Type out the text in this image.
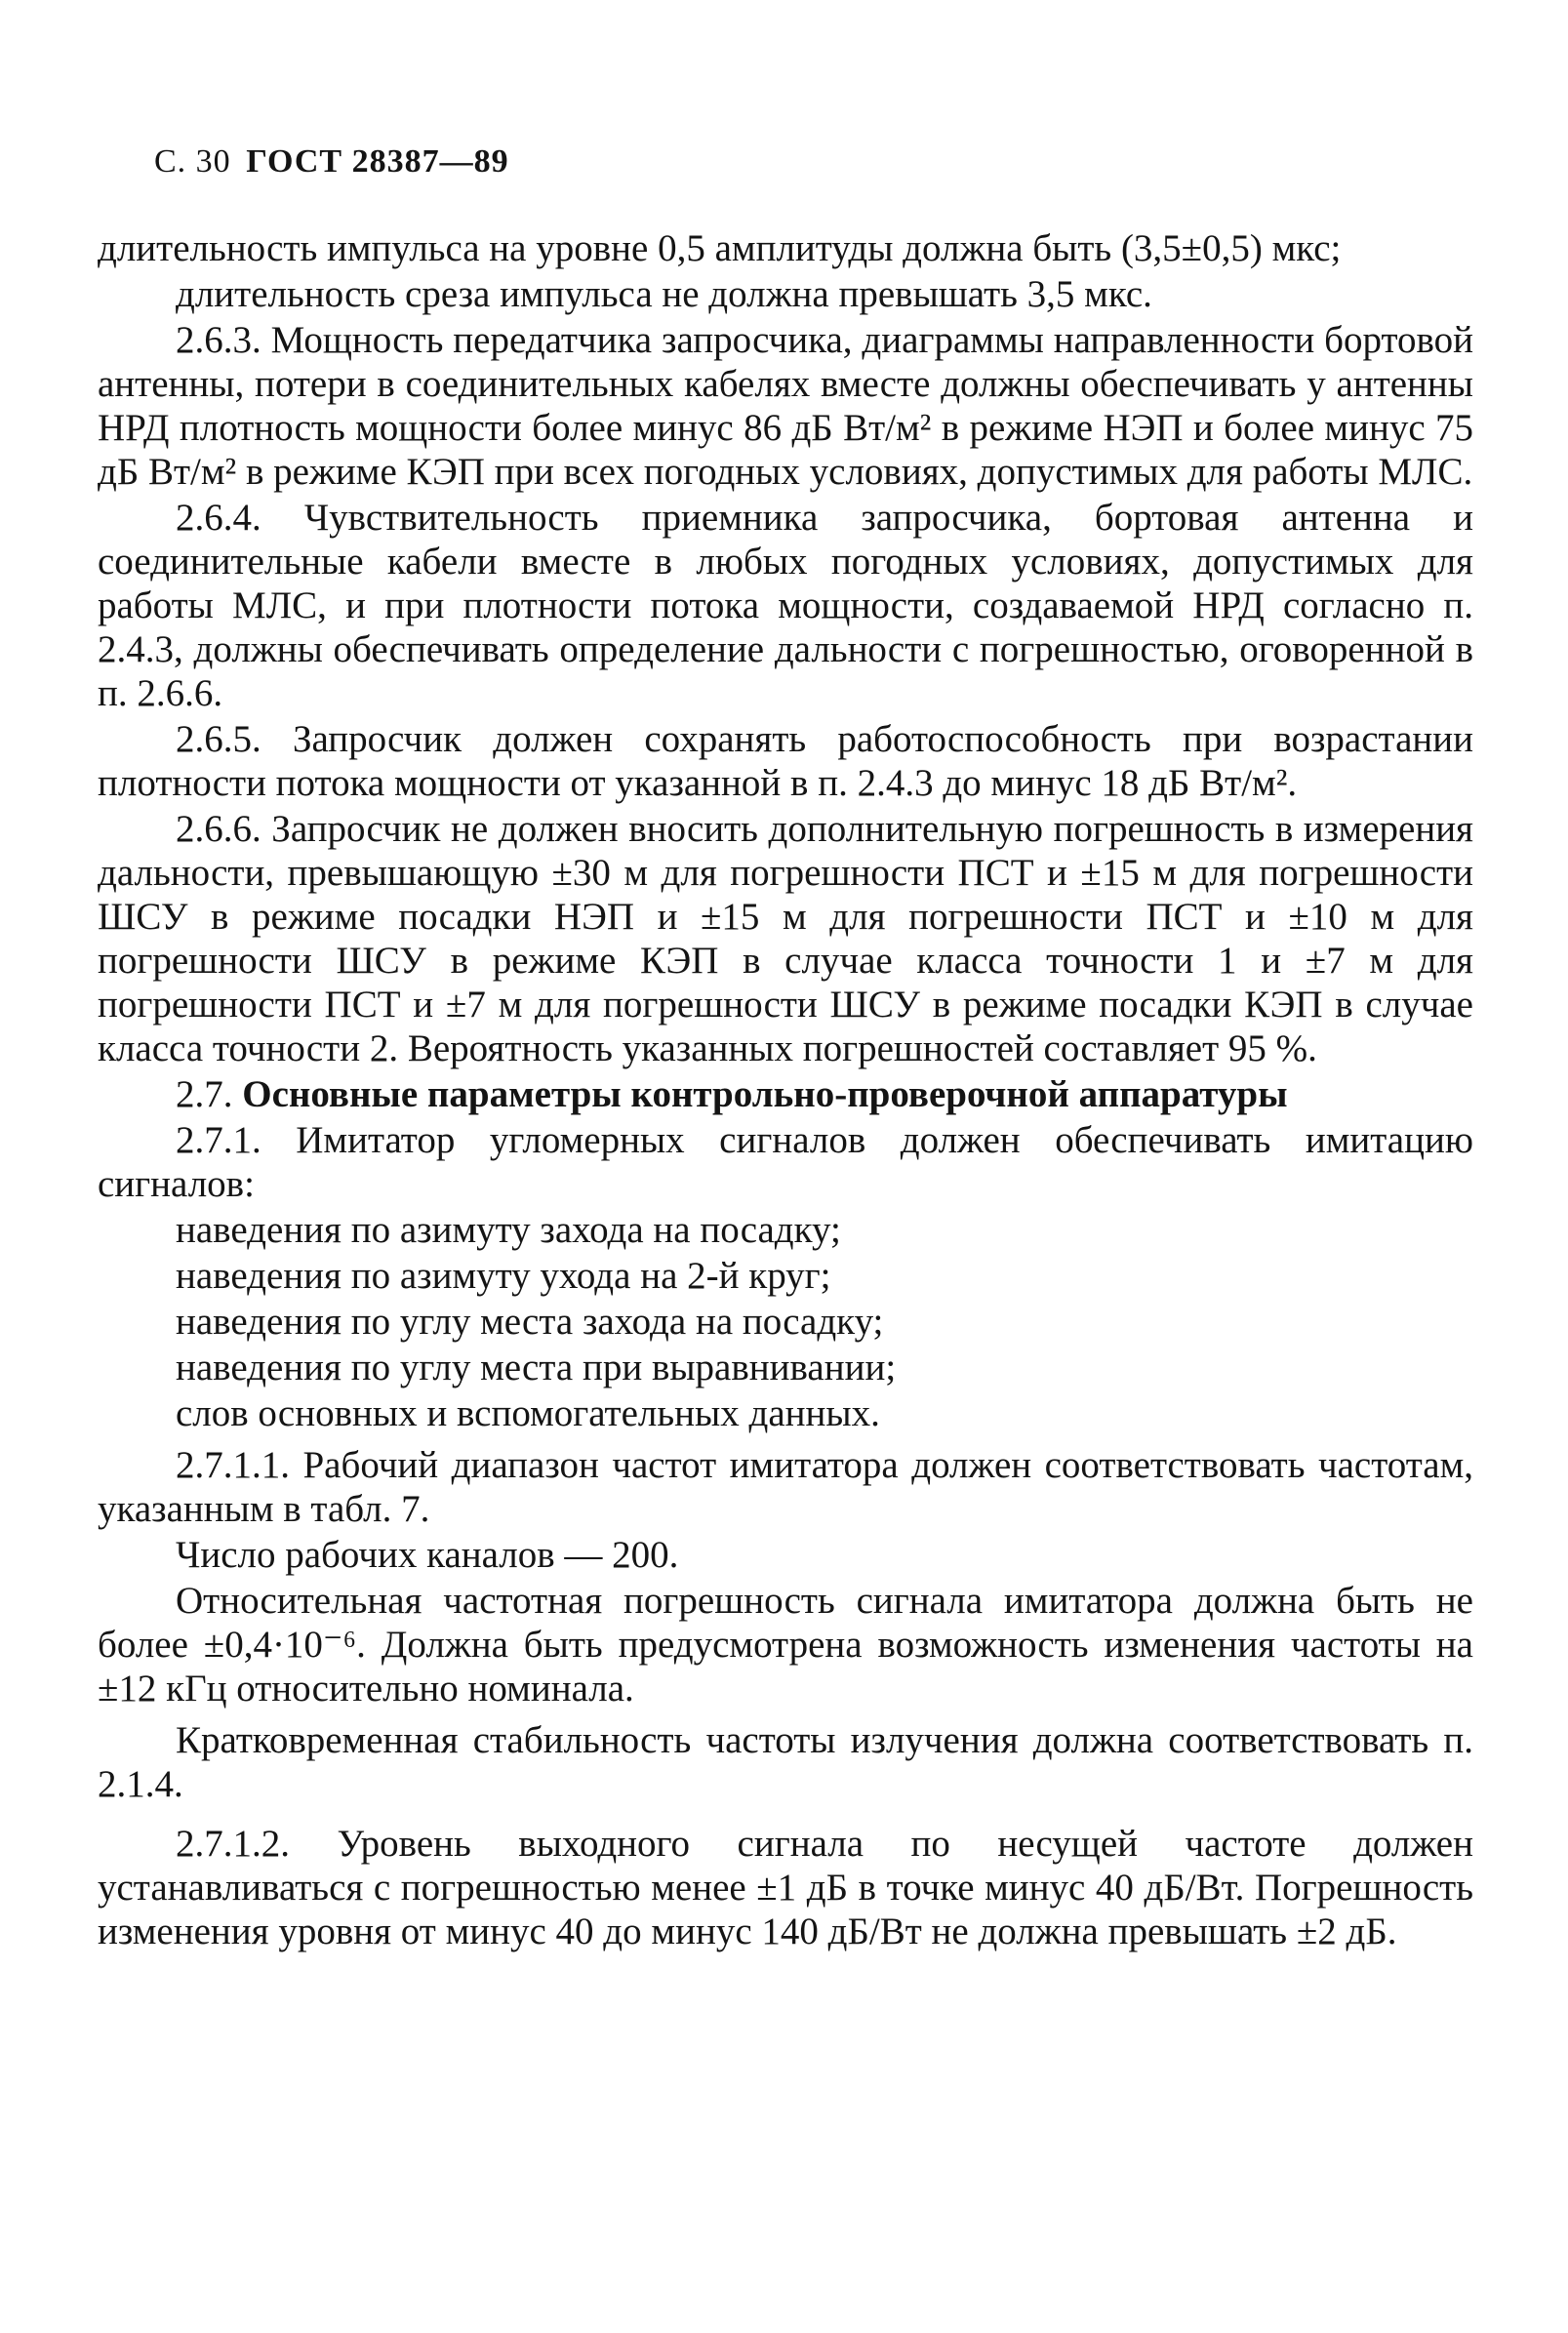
С. 30 ГОСТ 28387—89

длительность импульса на уровне 0,5 амплитуды должна быть (3,5±0,5) мкс;

длительность среза импульса не должна превышать 3,5 мкс.

2.6.3. Мощность передатчика запросчика, диаграммы направленности бортовой антенны, потери в соединительных кабелях вместе должны обеспечивать у антенны НРД плотность мощности более минус 86 дБ Вт/м² в режиме НЭП и более минус 75 дБ Вт/м² в режиме КЭП при всех погодных условиях, допустимых для работы МЛС.

2.6.4. Чувствительность приемника запросчика, бортовая антенна и соединительные кабели вместе в любых погодных условиях, допустимых для работы МЛС, и при плотности потока мощности, создаваемой НРД согласно п. 2.4.3, должны обеспечивать определение дальности с погрешностью, оговоренной в п. 2.6.6.

2.6.5. Запросчик должен сохранять работоспособность при возрастании плотности потока мощности от указанной в п. 2.4.3 до минус 18 дБ Вт/м².

2.6.6. Запросчик не должен вносить дополнительную погрешность в измерения дальности, превышающую ±30 м для погрешности ПСТ и ±15 м для погрешности ШСУ в режиме посадки НЭП и ±15 м для погрешности ПСТ и ±10 м для погрешности ШСУ в режиме КЭП в случае класса точности 1 и ±7 м для погрешности ПСТ и ±7 м для погрешности ШСУ в режиме посадки КЭП в случае класса точности 2. Вероятность указанных погрешностей составляет 95 %.

2.7. Основные параметры контрольно-проверочной аппаратуры

2.7.1. Имитатор угломерных сигналов должен обеспечивать имитацию сигналов:

наведения по азимуту захода на посадку;

наведения по азимуту ухода на 2-й круг;

наведения по углу места захода на посадку;

наведения по углу места при выравнивании;

слов основных и вспомогательных данных.

2.7.1.1. Рабочий диапазон частот имитатора должен соответствовать частотам, указанным в табл. 7.

Число рабочих каналов — 200.

Относительная частотная погрешность сигнала имитатора должна быть не более ±0,4·10⁻⁶. Должна быть предусмотрена возможность изменения частоты на ±12 кГц относительно номинала.

Кратковременная стабильность частоты излучения должна соответствовать п. 2.1.4.

2.7.1.2. Уровень выходного сигнала по несущей частоте должен устанавливаться с погрешностью менее ±1 дБ в точке минус 40 дБ/Вт. Погрешность изменения уровня от минус 40 до минус 140 дБ/Вт не должна превышать ±2 дБ.
